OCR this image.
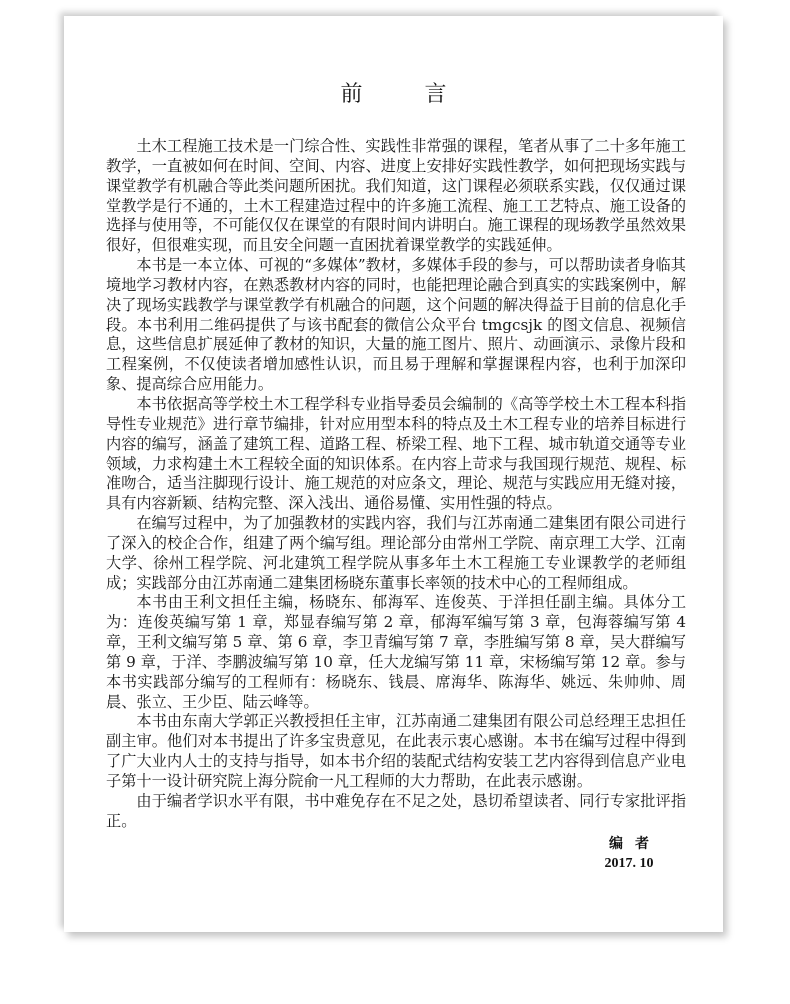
前言

土木工程施工技术是一门综合性、实践性非常强的课程，笔者从事了二十多年施工教学，一直被如何在时间、空间、内容、进度上安排好实践性教学，如何把现场实践与课堂教学有机融合等此类问题所困扰。我们知道，这门课程必须联系实践，仅仅通过课堂教学是行不通的，土木工程建造过程中的许多施工流程、施工工艺特点、施工设备的选择与使用等，不可能仅仅在课堂的有限时间内讲明白。施工课程的现场教学虽然效果很好，但很难实现，而且安全问题一直困扰着课堂教学的实践延伸。

本书是一本立体、可视的“多媒体”教材，多媒体手段的参与，可以帮助读者身临其境地学习教材内容，在熟悉教材内容的同时，也能把理论融合到真实的实践案例中，解决了现场实践教学与课堂教学有机融合的问题，这个问题的解决得益于目前的信息化手段。本书利用二维码提供了与该书配套的微信公众平台 tmgcsjk 的图文信息、视频信息，这些信息扩展延伸了教材的知识，大量的施工图片、照片、动画演示、录像片段和工程案例，不仅使读者增加感性认识，而且易于理解和掌握课程内容，也利于加深印象、提高综合应用能力。

本书依据高等学校土木工程学科专业指导委员会编制的《高等学校土木工程本科指导性专业规范》进行章节编排，针对应用型本科的特点及土木工程专业的培养目标进行内容的编写，涵盖了建筑工程、道路工程、桥梁工程、地下工程、城市轨道交通等专业领域，力求构建土木工程较全面的知识体系。在内容上苛求与我国现行规范、规程、标准吻合，适当注脚现行设计、施工规范的对应条文，理论、规范与实践应用无缝对接，具有内容新颖、结构完整、深入浅出、通俗易懂、实用性强的特点。

在编写过程中，为了加强教材的实践内容，我们与江苏南通二建集团有限公司进行了深入的校企合作，组建了两个编写组。理论部分由常州工学院、南京理工大学、江南大学、徐州工程学院、河北建筑工程学院从事多年土木工程施工专业课教学的老师组成；实践部分由江苏南通二建集团杨晓东董事长率领的技术中心的工程师组成。

本书由王利文担任主编，杨晓东、郁海军、连俊英、于洋担任副主编。具体分工为：连俊英编写第 1 章，郑显春编写第 2 章，郁海军编写第 3 章，包海蓉编写第 4 章，王利文编写第 5 章、第 6 章，李卫青编写第 7 章，李胜编写第 8 章，吴大群编写第 9 章，于洋、李鹏波编写第 10 章，任大龙编写第 11 章，宋杨编写第 12 章。参与本书实践部分编写的工程师有：杨晓东、钱晨、席海华、陈海华、姚远、朱帅帅、周晨、张立、王少臣、陆云峰等。

本书由东南大学郭正兴教授担任主审，江苏南通二建集团有限公司总经理王忠担任副主审。他们对本书提出了许多宝贵意见，在此表示衷心感谢。本书在编写过程中得到了广大业内人士的支持与指导，如本书介绍的装配式结构安装工艺内容得到信息产业电子第十一设计研究院上海分院俞一凡工程师的大力帮助，在此表示感谢。

由于编者学识水平有限，书中难免存在不足之处，恳切希望读者、同行专家批评指正。

编者
2017. 10
